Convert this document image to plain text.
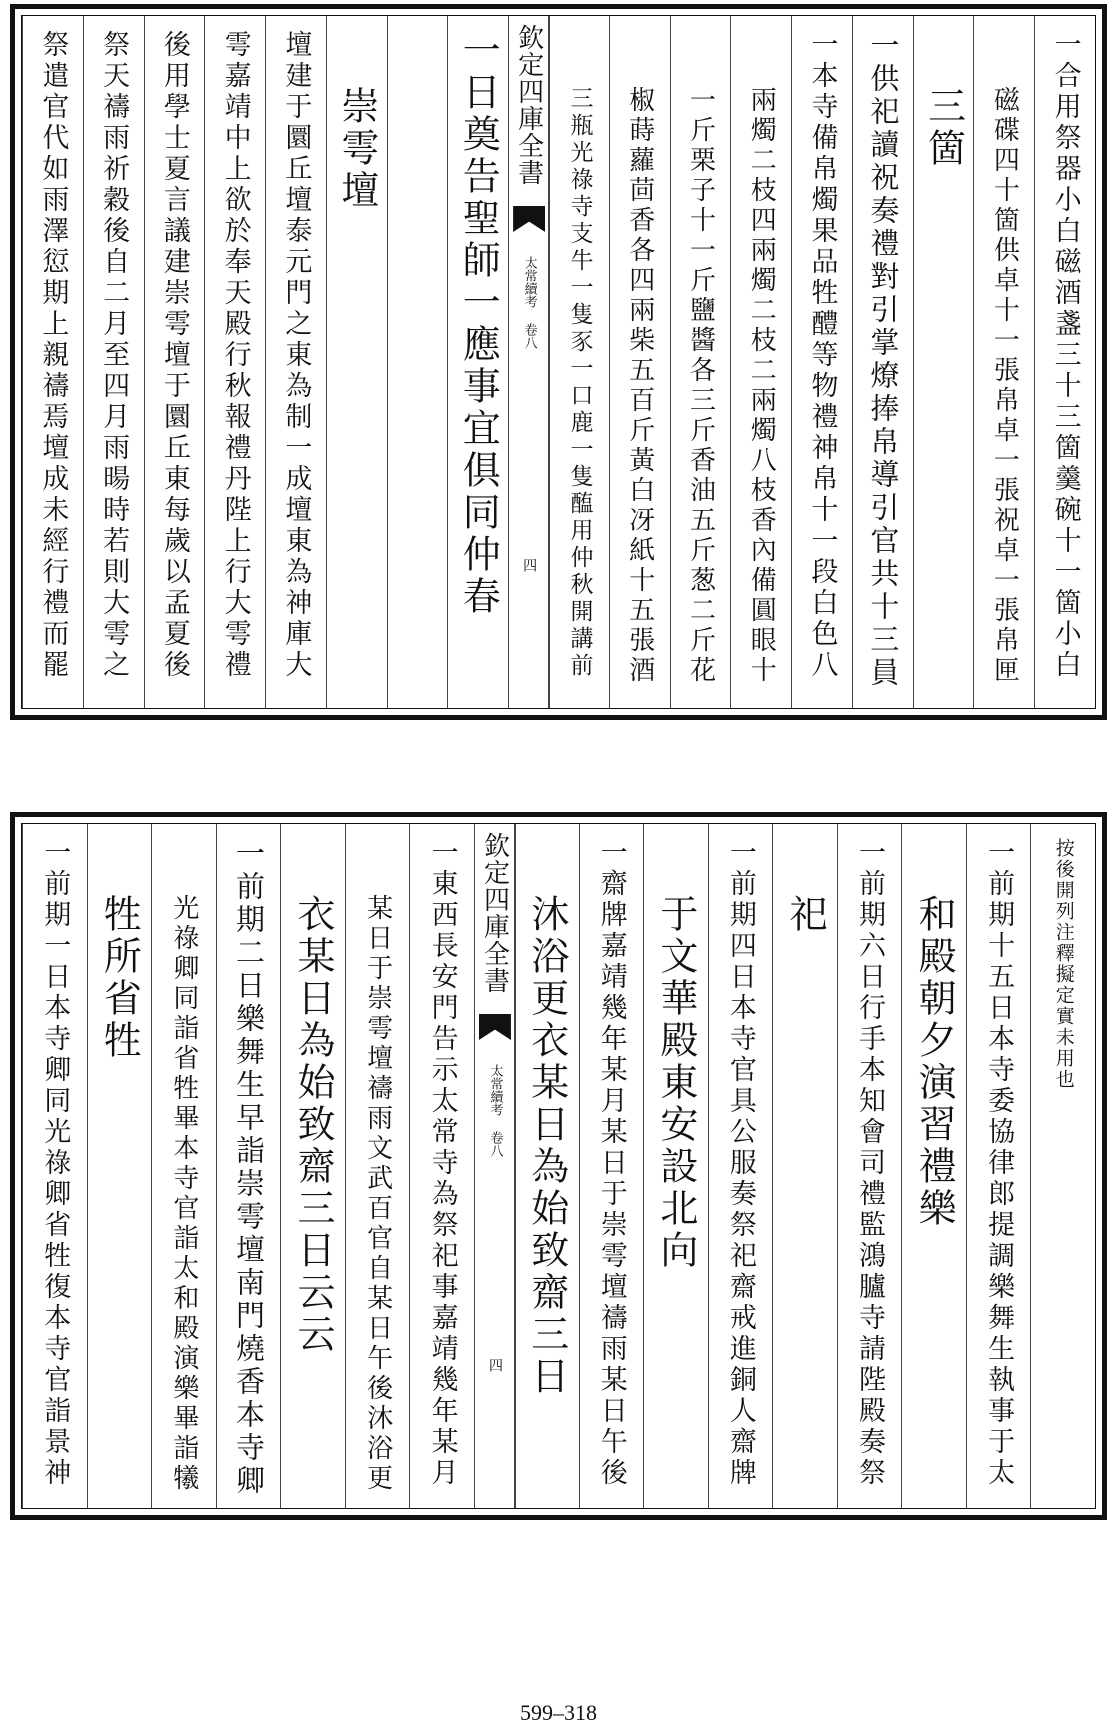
一合用祭器小白磁酒盞三十三箇羹碗十一箇小白
磁碟四十箇供卓十一張帛卓一張祝卓一張帛匣
三箇
一供祀讀祝奏禮對引掌燎捧帛導引官共十三員
一本寺備帛燭果品牲醴等物禮神帛十一段白色八
兩燭二枝四兩燭二枝二兩燭八枝香內備圓眼十
一斤栗子十一斤鹽醬各三斤香油五斤葱二斤花
椒蒔蘿茴香各四兩柴五百斤黃白冴紙十五張酒
三瓶光祿寺支牛一隻豕一口鹿一隻醢用仲秋開講前
欽定四庫全書
太常續考 卷八
四
一日奠告聖師一應事宜俱同仲春
崇雩壇
壇建于圜丘壇泰元門之東為制一成壇東為神庫大
雩嘉靖中上欲於奉天殿行秋報禮丹陛上行大雩禮
後用學士夏言議建崇雩壇于圜丘東每歲以孟夏後
祭天禱雨祈穀後自二月至四月雨暘時若則大雩之
祭遣官代如雨澤愆期上親禱焉壇成未經行禮而罷
按後開列注釋擬定實未用也
一前期十五日本寺委協律郎提調樂舞生執事于太
和殿朝夕演習禮樂
一前期六日行手本知會司禮監鴻臚寺請陛殿奏祭
祀
一前期四日本寺官具公服奏祭祀齋戒進銅人齋牌
于文華殿東安設北向
一齋牌嘉靖幾年某月某日于崇雩壇禱雨某日午後
沐浴更衣某日為始致齋三日
欽定四庫全書
太常續考 卷八
四
一東西長安門告示太常寺為祭祀事嘉靖幾年某月
某日于崇雩壇禱雨文武百官自某日午後沐浴更
衣某日為始致齋三日云云
一前期二日樂舞生早詣崇雩壇南門燒香本寺卿
光祿卿同詣省牲畢本寺官詣太和殿演樂畢詣犧
牲所省牲
一前期一日本寺卿同光祿卿省牲復本寺官詣景神
599–318
